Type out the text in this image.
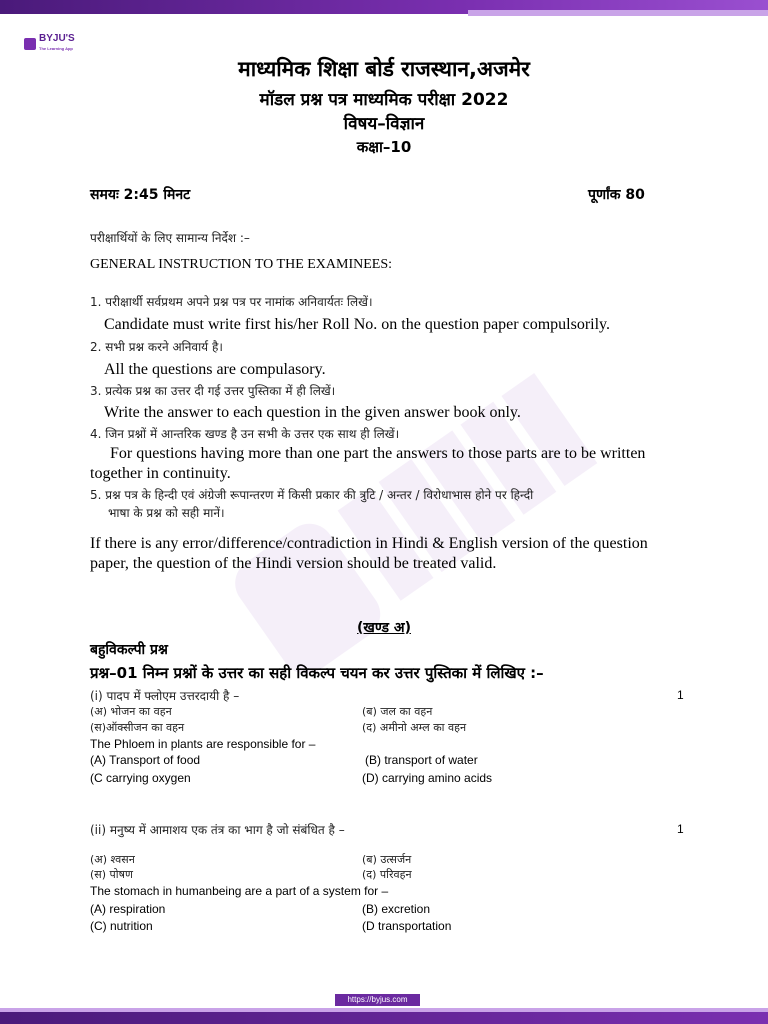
BYJU'S
The Learning App
माध्यमिक शिक्षा बोर्ड राजस्थान,अजमेर
मॉडल प्रश्न पत्र माध्यमिक परीक्षा 2022
विषय–विज्ञान
कक्षा–10
समयः 2:45 मिनट	पूर्णांक 80
परीक्षार्थियों के लिए सामान्य निर्देश :–
GENERAL INSTRUCTION TO THE EXAMINEES:
1. परीक्षार्थी सर्वप्रथम अपने प्रश्न पत्र पर नामांक अनिवार्यतः लिखें।
Candidate must write first his/her Roll No. on the question paper compulsorily.
2. सभी प्रश्न करने अनिवार्य है।
All the questions are compulasory.
3. प्रत्येक प्रश्न का उत्तर दी गई उत्तर पुस्तिका में ही लिखें।
Write the answer to each question in the given answer book only.
4. जिन प्रश्नों में आन्तरिक खण्ड है उन सभी के उत्तर एक साथ ही लिखें।
For questions having more than one part the answers to those parts are to be written
together in continuity.
5. प्रश्न पत्र के हिन्दी एवं अंग्रेजी रूपान्तरण में किसी प्रकार की त्रुटि / अन्तर / विरोधाभास होने पर हिन्दी
भाषा के प्रश्न को सही मानें।
If there is any error/difference/contradiction in Hindi & English version of the question
paper, the question of the Hindi version should be treated valid.
(खण्ड अ)
बहुविकल्पी प्रश्न
प्रश्न–01 निम्न प्रश्नों के उत्तर का सही विकल्प चयन कर उत्तर पुस्तिका में लिखिए :–
(i) पादप में फ्लोएम उत्तरदायी है –	1
(अ) भोजन का वहन	(ब) जल का वहन
(स)ऑक्सीजन का वहन	(द) अमीनो अम्ल का वहन
The Phloem in plants are responsible for –
(A) Transport of food	(B) transport of water
(C carrying oxygen	(D) carrying amino acids
(ii) मनुष्य में आमाशय एक तंत्र का भाग है जो संबंधित है –	1
(अ) श्वसन	(ब) उत्सर्जन
(स) पोषण	(द) परिवहन
The stomach in humanbeing are a part of a system for –
(A) respiration	(B) excretion
(C) nutrition	(D transportation
https://byjus.com
